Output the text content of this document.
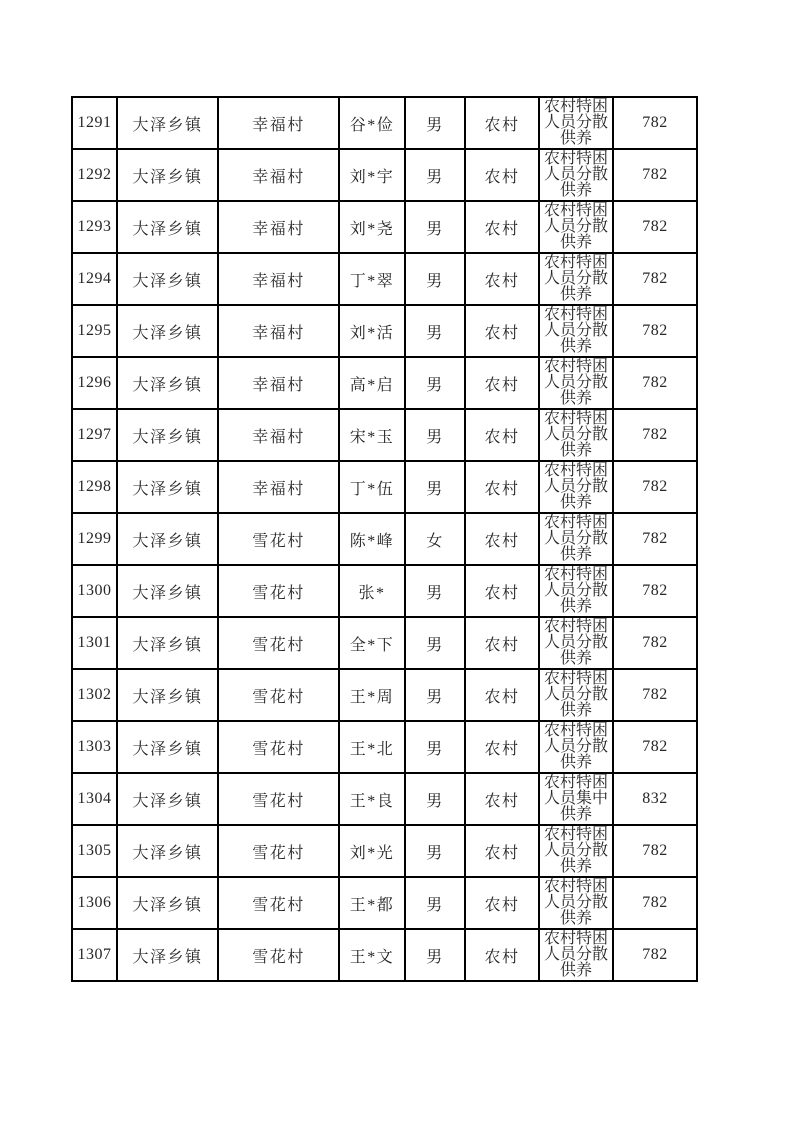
1291	大泽乡镇	幸福村	谷*俭	男	农村	农村特困人员分散供养	782
1292	大泽乡镇	幸福村	刘*宇	男	农村	农村特困人员分散供养	782
1293	大泽乡镇	幸福村	刘*尧	男	农村	农村特困人员分散供养	782
1294	大泽乡镇	幸福村	丁*翠	男	农村	农村特困人员分散供养	782
1295	大泽乡镇	幸福村	刘*活	男	农村	农村特困人员分散供养	782
1296	大泽乡镇	幸福村	高*启	男	农村	农村特困人员分散供养	782
1297	大泽乡镇	幸福村	宋*玉	男	农村	农村特困人员分散供养	782
1298	大泽乡镇	幸福村	丁*伍	男	农村	农村特困人员分散供养	782
1299	大泽乡镇	雪花村	陈*峰	女	农村	农村特困人员分散供养	782
1300	大泽乡镇	雪花村	张*	男	农村	农村特困人员分散供养	782
1301	大泽乡镇	雪花村	全*下	男	农村	农村特困人员分散供养	782
1302	大泽乡镇	雪花村	王*周	男	农村	农村特困人员分散供养	782
1303	大泽乡镇	雪花村	王*北	男	农村	农村特困人员分散供养	782
1304	大泽乡镇	雪花村	王*良	男	农村	农村特困人员集中供养	832
1305	大泽乡镇	雪花村	刘*光	男	农村	农村特困人员分散供养	782
1306	大泽乡镇	雪花村	王*都	男	农村	农村特困人员分散供养	782
1307	大泽乡镇	雪花村	王*文	男	农村	农村特困人员分散供养	782
